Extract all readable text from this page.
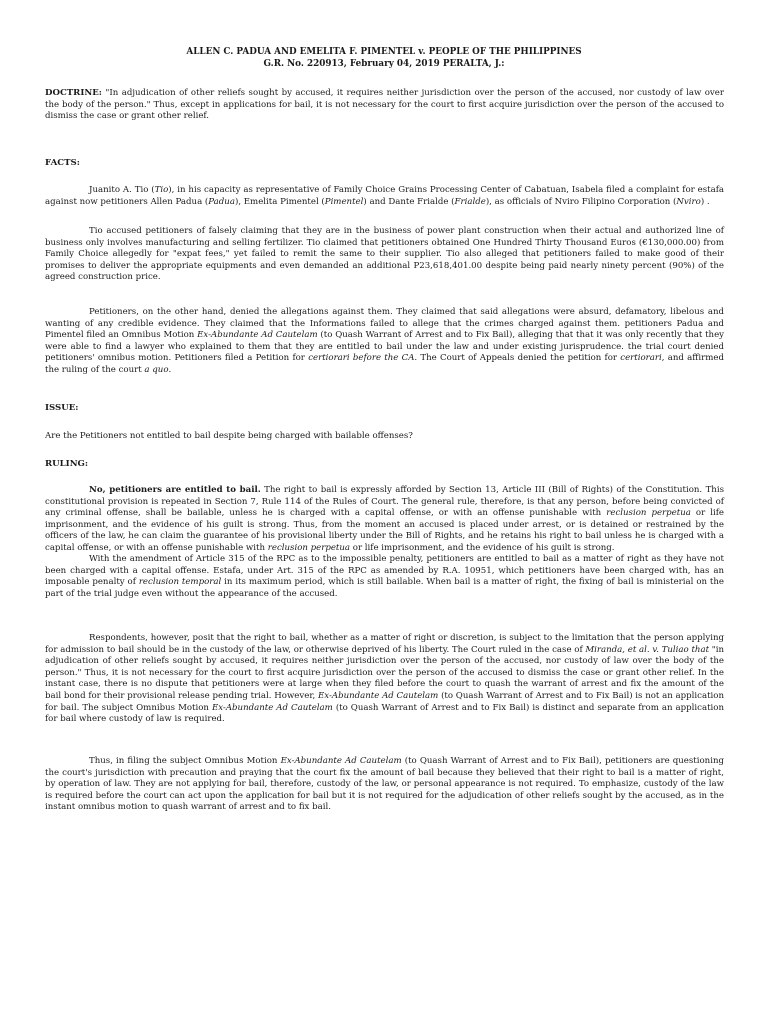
ALLEN C. PADUA AND EMELITA F. PIMENTEL v. PEOPLE OF THE PHILIPPINES
G.R. No. 220913, February 04, 2019 PERALTA, J.:
DOCTRINE: "In adjudication of other reliefs sought by accused, it requires neither jurisdiction over the person of the accused, nor custody of law over the body of the person." Thus, except in applications for bail, it is not necessary for the court to first acquire jurisdiction over the person of the accused to dismiss the case or grant other relief.
FACTS:
Juanito A. Tio (Tio), in his capacity as representative of Family Choice Grains Processing Center of Cabatuan, Isabela filed a complaint for estafa against now petitioners Allen Padua (Padua), Emelita Pimentel (Pimentel) and Dante Frialde (Frialde), as officials of Nviro Filipino Corporation (Nviro) .
Tio accused petitioners of falsely claiming that they are in the business of power plant construction when their actual and authorized line of business only involves manufacturing and selling fertilizer. Tio claimed that petitioners obtained One Hundred Thirty Thousand Euros (€130,000.00) from Family Choice allegedly for "expat fees," yet failed to remit the same to their supplier. Tio also alleged that petitioners failed to make good of their promises to deliver the appropriate equipments and even demanded an additional P23,618,401.00 despite being paid nearly ninety percent (90%) of the agreed construction price.
Petitioners, on the other hand, denied the allegations against them. They claimed that said allegations were absurd, defamatory, libelous and wanting of any credible evidence. They claimed that the Informations failed to allege that the crimes charged against them. petitioners Padua and Pimentel filed an Omnibus Motion Ex-Abundante Ad Cautelam (to Quash Warrant of Arrest and to Fix Bail), alleging that that it was only recently that they were able to find a lawyer who explained to them that they are entitled to bail under the law and under existing jurisprudence. the trial court denied petitioners' omnibus motion. Petitioners filed a Petition for certiorari before the CA. The Court of Appeals denied the petition for certiorari, and affirmed the ruling of the court a quo.
ISSUE:
Are the Petitioners not entitled to bail despite being charged with bailable offenses?
RULING:
No, petitioners are entitled to bail. The right to bail is expressly afforded by Section 13, Article III (Bill of Rights) of the Constitution. This constitutional provision is repeated in Section 7, Rule 114 of the Rules of Court. The general rule, therefore, is that any person, before being convicted of any criminal offense, shall be bailable, unless he is charged with a capital offense, or with an offense punishable with reclusion perpetua or life imprisonment, and the evidence of his guilt is strong. Thus, from the moment an accused is placed under arrest, or is detained or restrained by the officers of the law, he can claim the guarantee of his provisional liberty under the Bill of Rights, and he retains his right to bail unless he is charged with a capital offense, or with an offense punishable with reclusion perpetua or life imprisonment, and the evidence of his guilt is strong.
With the amendment of Article 315 of the RPC as to the impossible penalty, petitioners are entitled to bail as a matter of right as they have not been charged with a capital offense. Estafa, under Art. 315 of the RPC as amended by R.A. 10951, which petitioners have been charged with, has an imposable penalty of reclusion temporal in its maximum period, which is still bailable. When bail is a matter of right, the fixing of bail is ministerial on the part of the trial judge even without the appearance of the accused.
Respondents, however, posit that the right to bail, whether as a matter of right or discretion, is subject to the limitation that the person applying for admission to bail should be in the custody of the law, or otherwise deprived of his liberty. The Court ruled in the case of Miranda, et al. v. Tuliao that "in adjudication of other reliefs sought by accused, it requires neither jurisdiction over the person of the accused, nor custody of law over the body of the person." Thus, it is not necessary for the court to first acquire jurisdiction over the person of the accused to dismiss the case or grant other relief. In the instant case, there is no dispute that petitioners were at large when they filed before the court to quash the warrant of arrest and fix the amount of the bail bond for their provisional release pending trial. However, Ex-Abundante Ad Cautelam (to Quash Warrant of Arrest and to Fix Bail) is not an application for bail. The subject Omnibus Motion Ex-Abundante Ad Cautelam (to Quash Warrant of Arrest and to Fix Bail) is distinct and separate from an application for bail where custody of law is required.
Thus, in filing the subject Omnibus Motion Ex-Abundante Ad Cautelam (to Quash Warrant of Arrest and to Fix Bail), petitioners are questioning the court's jurisdiction with precaution and praying that the court fix the amount of bail because they believed that their right to bail is a matter of right, by operation of law. They are not applying for bail, therefore, custody of the law, or personal appearance is not required. To emphasize, custody of the law is required before the court can act upon the application for bail but it is not required for the adjudication of other reliefs sought by the accused, as in the instant omnibus motion to quash warrant of arrest and to fix bail.
